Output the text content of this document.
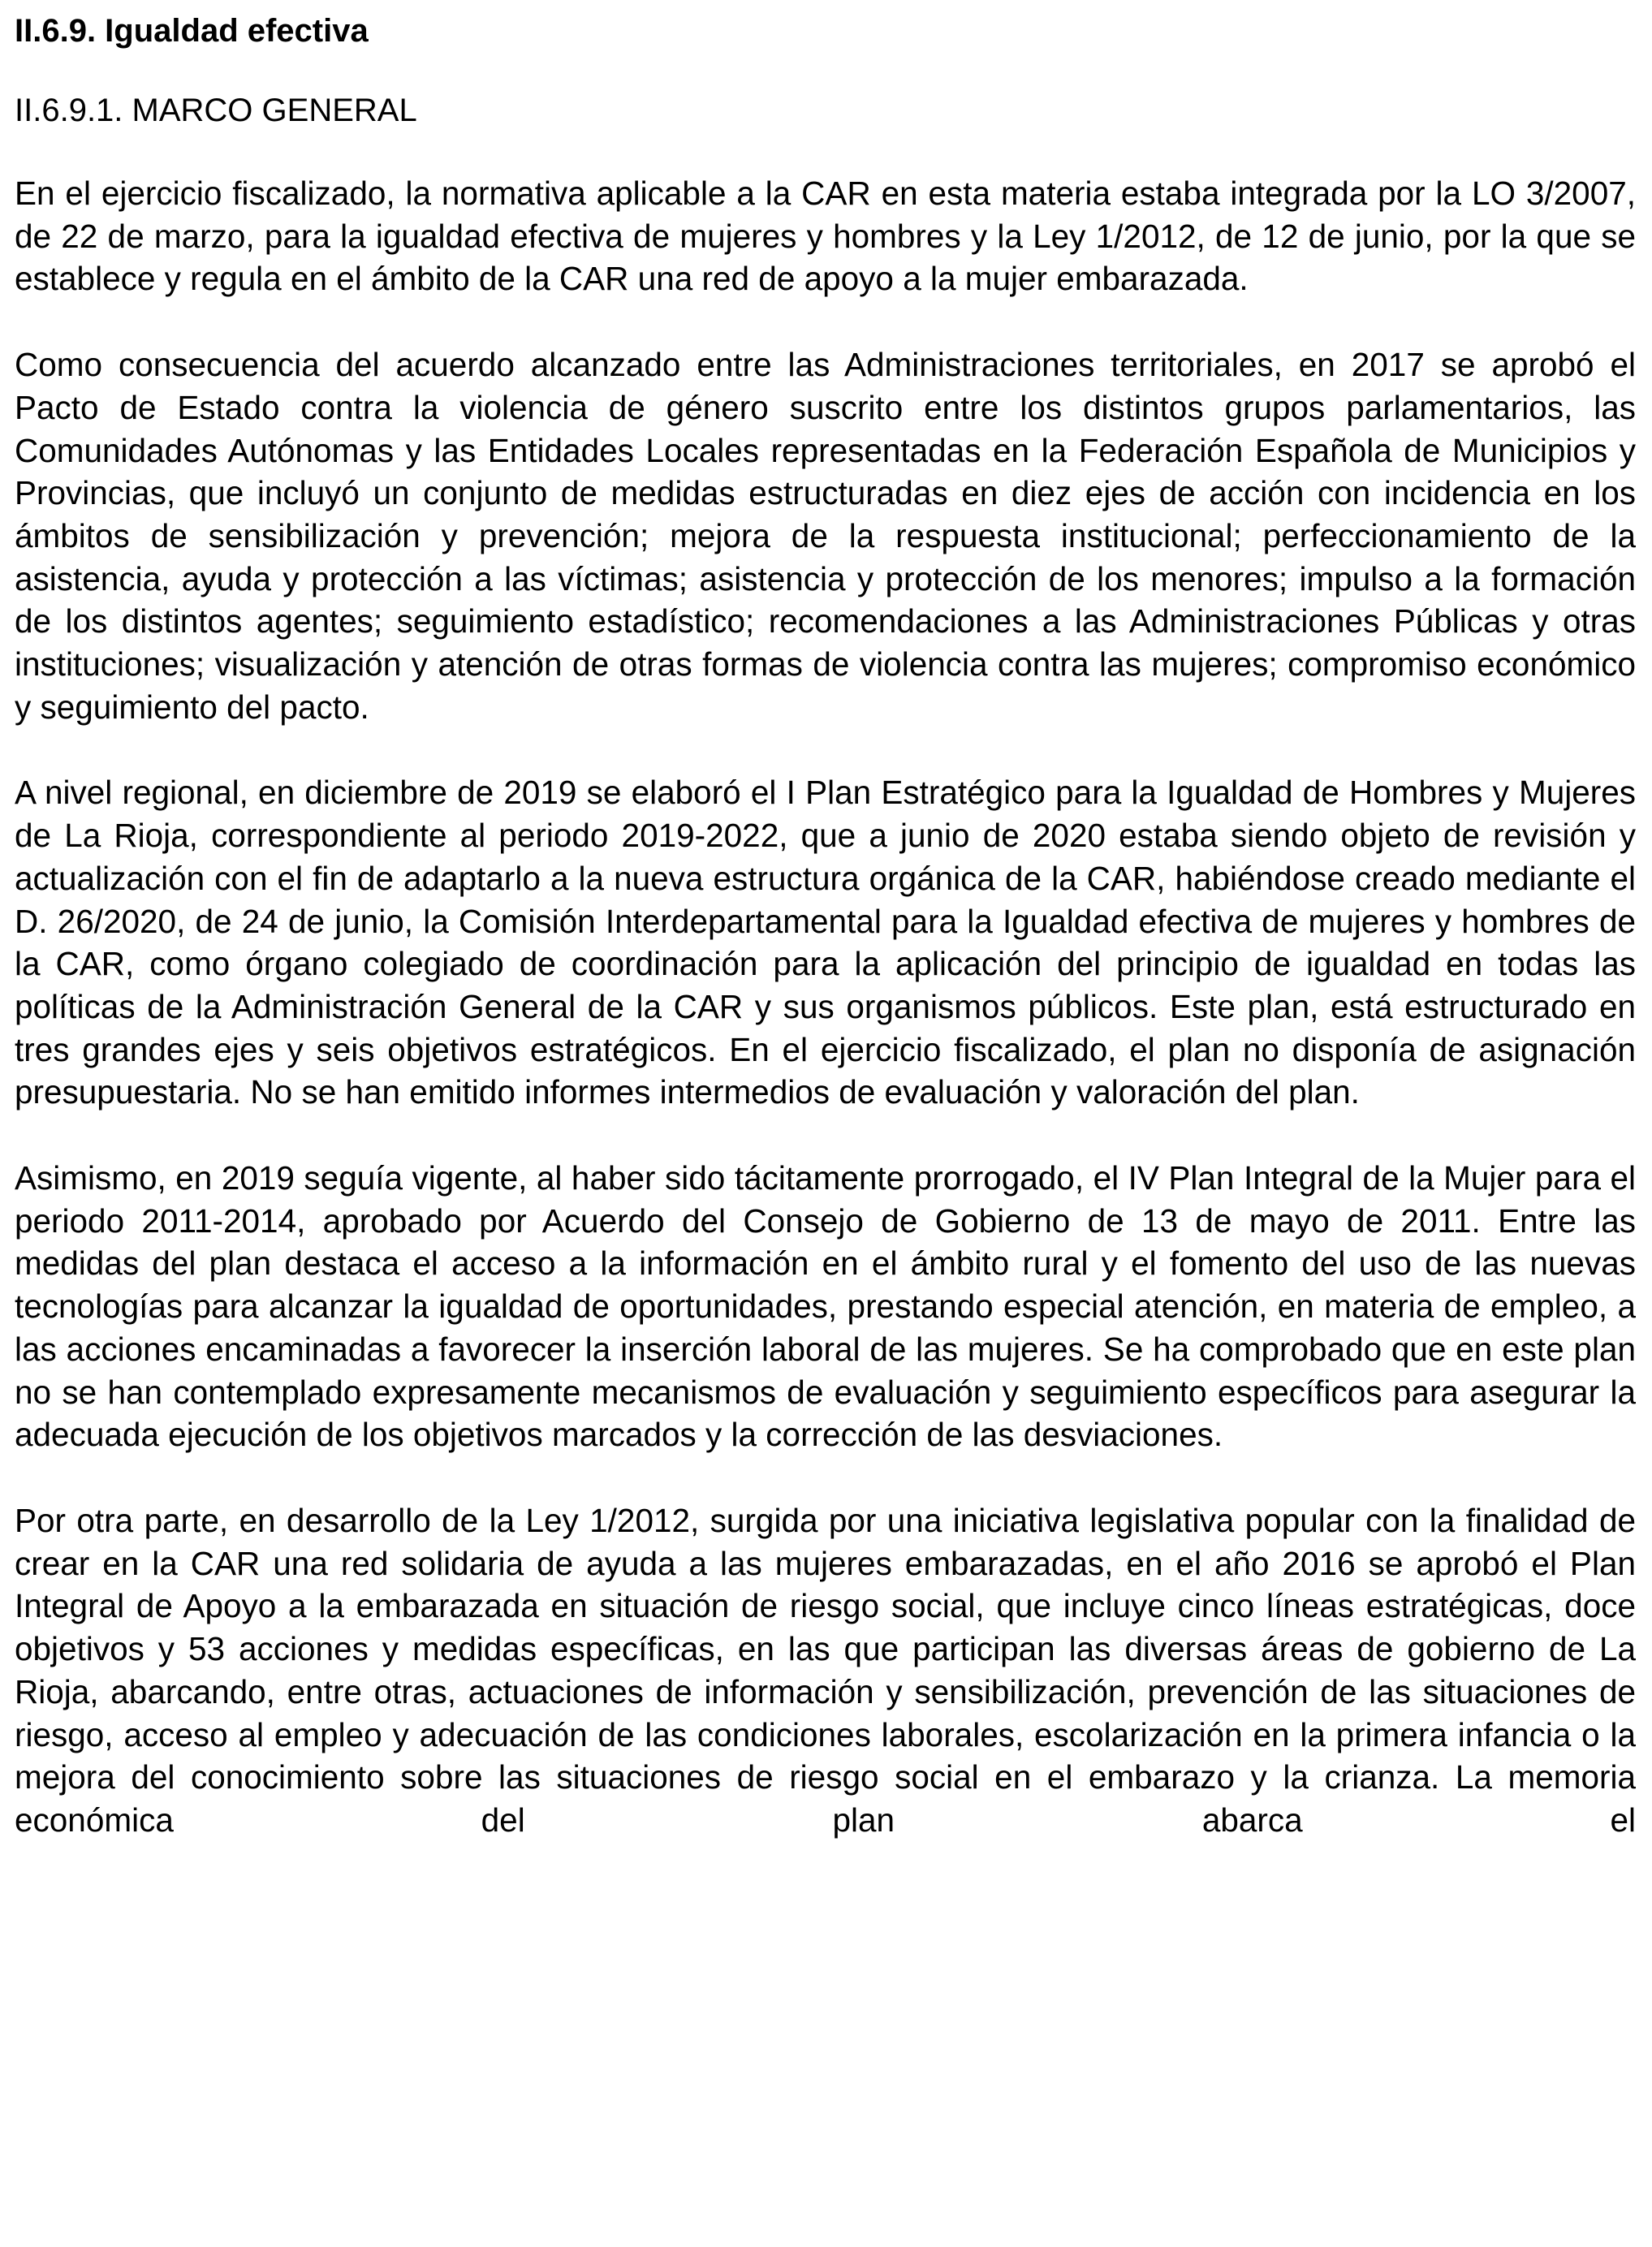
II.6.9. Igualdad efectiva
II.6.9.1. MARCO GENERAL

En el ejercicio fiscalizado, la normativa aplicable a la CAR en esta materia estaba integrada por la LO 3/2007, de 22 de marzo, para la igualdad efectiva de mujeres y hombres y la Ley 1/2012, de 12 de junio, por la que se establece y regula en el ámbito de la CAR una red de apoyo a la mujer embarazada.

Como consecuencia del acuerdo alcanzado entre las Administraciones territoriales, en 2017 se aprobó el Pacto de Estado contra la violencia de género suscrito entre los distintos grupos parlamentarios, las Comunidades Autónomas y las Entidades Locales representadas en la Federación Española de Municipios y Provincias, que incluyó un conjunto de medidas estructuradas en diez ejes de acción con incidencia en los ámbitos de sensibilización y prevención; mejora de la respuesta institucional; perfeccionamiento de la asistencia, ayuda y protección a las víctimas; asistencia y protección de los menores; impulso a la formación de los distintos agentes; seguimiento estadístico; recomendaciones a las Administraciones Públicas y otras instituciones; visualización y atención de otras formas de violencia contra las mujeres; compromiso económico y seguimiento del pacto.

A nivel regional, en diciembre de 2019 se elaboró el I Plan Estratégico para la Igualdad de Hombres y Mujeres de La Rioja, correspondiente al periodo 2019-2022, que a junio de 2020 estaba siendo objeto de revisión y actualización con el fin de adaptarlo a la nueva estructura orgánica de la CAR, habiéndose creado mediante el D. 26/2020, de 24 de junio, la Comisión Interdepartamental para la Igualdad efectiva de mujeres y hombres de la CAR, como órgano colegiado de coordinación para la aplicación del principio de igualdad en todas las políticas de la Administración General de la CAR y sus organismos públicos. Este plan, está estructurado en tres grandes ejes y seis objetivos estratégicos. En el ejercicio fiscalizado, el plan no disponía de asignación presupuestaria. No se han emitido informes intermedios de evaluación y valoración del plan.

Asimismo, en 2019 seguía vigente, al haber sido tácitamente prorrogado, el IV Plan Integral de la Mujer para el periodo 2011-2014, aprobado por Acuerdo del Consejo de Gobierno de 13 de mayo de 2011. Entre las medidas del plan destaca el acceso a la información en el ámbito rural y el fomento del uso de las nuevas tecnologías para alcanzar la igualdad de oportunidades, prestando especial atención, en materia de empleo, a las acciones encaminadas a favorecer la inserción laboral de las mujeres. Se ha comprobado que en este plan no se han contemplado expresamente mecanismos de evaluación y seguimiento específicos para asegurar la adecuada ejecución de los objetivos marcados y la corrección de las desviaciones.

Por otra parte, en desarrollo de la Ley 1/2012, surgida por una iniciativa legislativa popular con la finalidad de crear en la CAR una red solidaria de ayuda a las mujeres embarazadas, en el año 2016 se aprobó el Plan Integral de Apoyo a la embarazada en situación de riesgo social, que incluye cinco líneas estratégicas, doce objetivos y 53 acciones y medidas específicas, en las que participan las diversas áreas de gobierno de La Rioja, abarcando, entre otras, actuaciones de información y sensibilización, prevención de las situaciones de riesgo, acceso al empleo y adecuación de las condiciones laborales, escolarización en la primera infancia o la mejora del conocimiento sobre las situaciones de riesgo social en el embarazo y la crianza. La memoria económica del plan abarca el
